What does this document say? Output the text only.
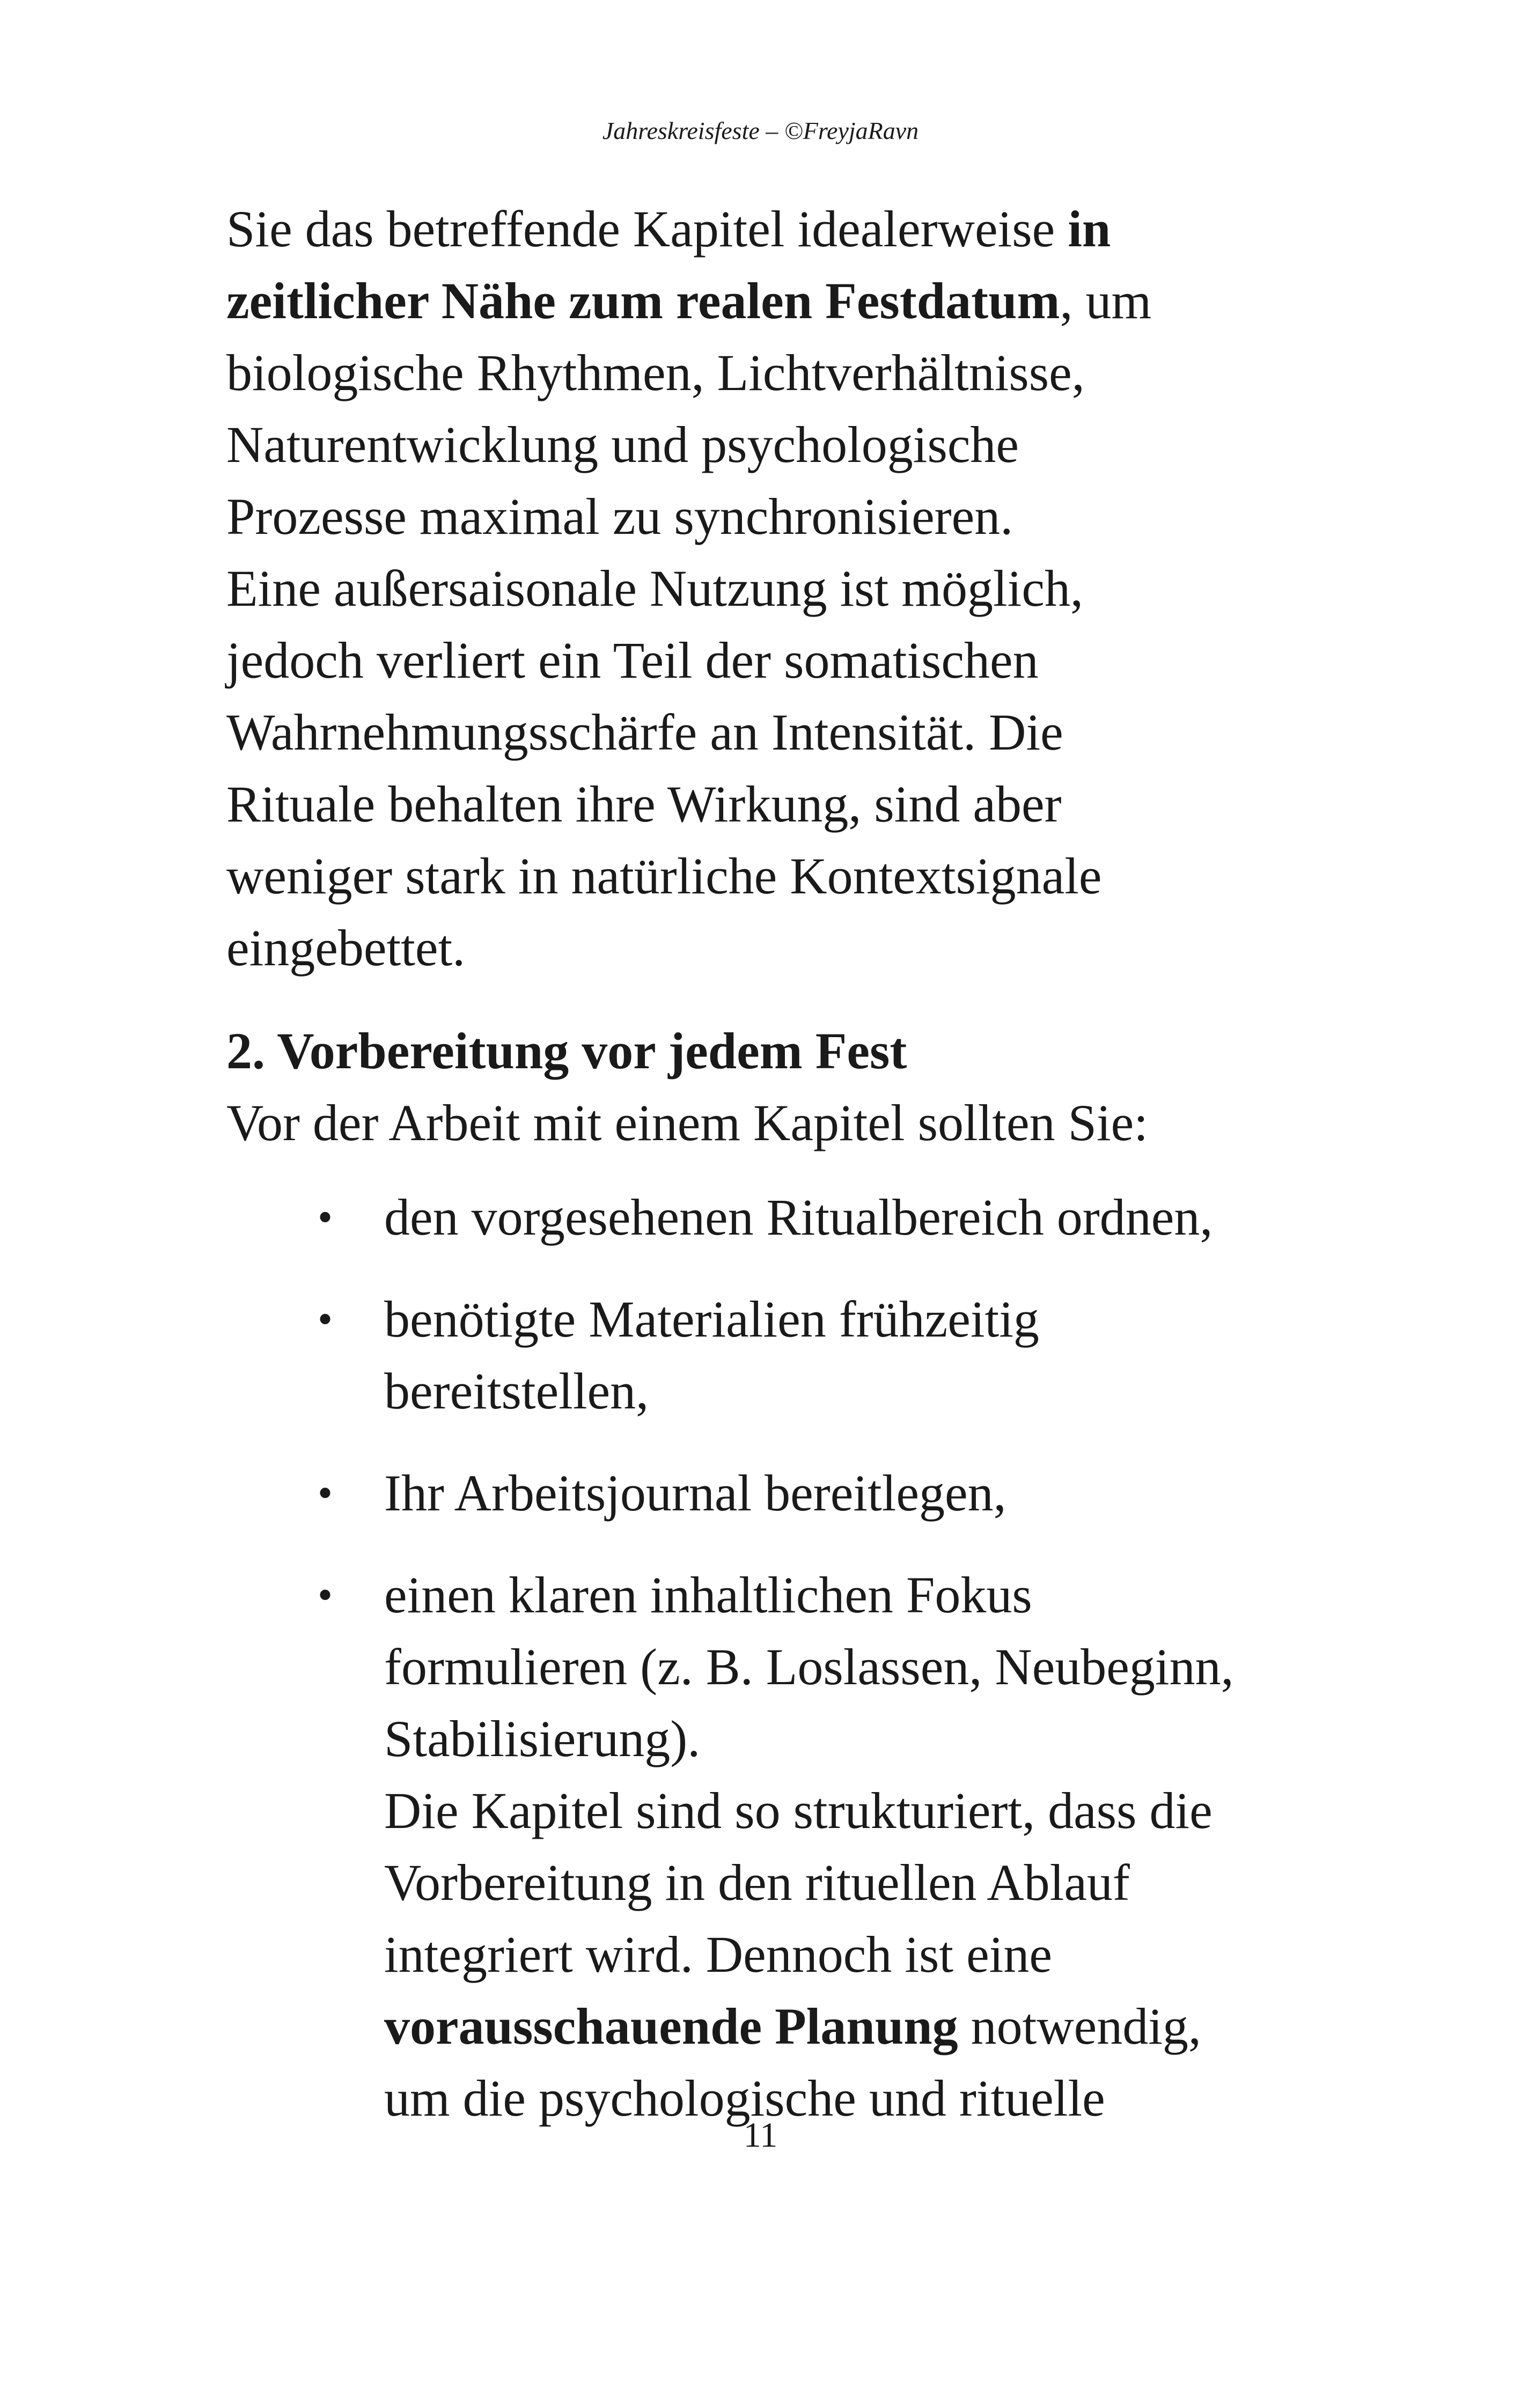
Jahreskreisfeste – ©FreyjaRavn
Sie das betreffende Kapitel idealerweise in
zeitlicher Nähe zum realen Festdatum, um
biologische Rhythmen, Lichtverhältnisse,
Naturentwicklung und psychologische
Prozesse maximal zu synchronisieren.
Eine außersaisonale Nutzung ist möglich,
jedoch verliert ein Teil der somatischen
Wahrnehmungsschärfe an Intensität. Die
Rituale behalten ihre Wirkung, sind aber
weniger stark in natürliche Kontextsignale
eingebettet.
2. Vorbereitung vor jedem Fest
Vor der Arbeit mit einem Kapitel sollten Sie:
• den vorgesehenen Ritualbereich ordnen,
• benötigte Materialien frühzeitig
bereitstellen,
• Ihr Arbeitsjournal bereitlegen,
• einen klaren inhaltlichen Fokus
formulieren (z. B. Loslassen, Neubeginn,
Stabilisierung).
Die Kapitel sind so strukturiert, dass die
Vorbereitung in den rituellen Ablauf
integriert wird. Dennoch ist eine
vorausschauende Planung notwendig,
um die psychologische und rituelle
11
